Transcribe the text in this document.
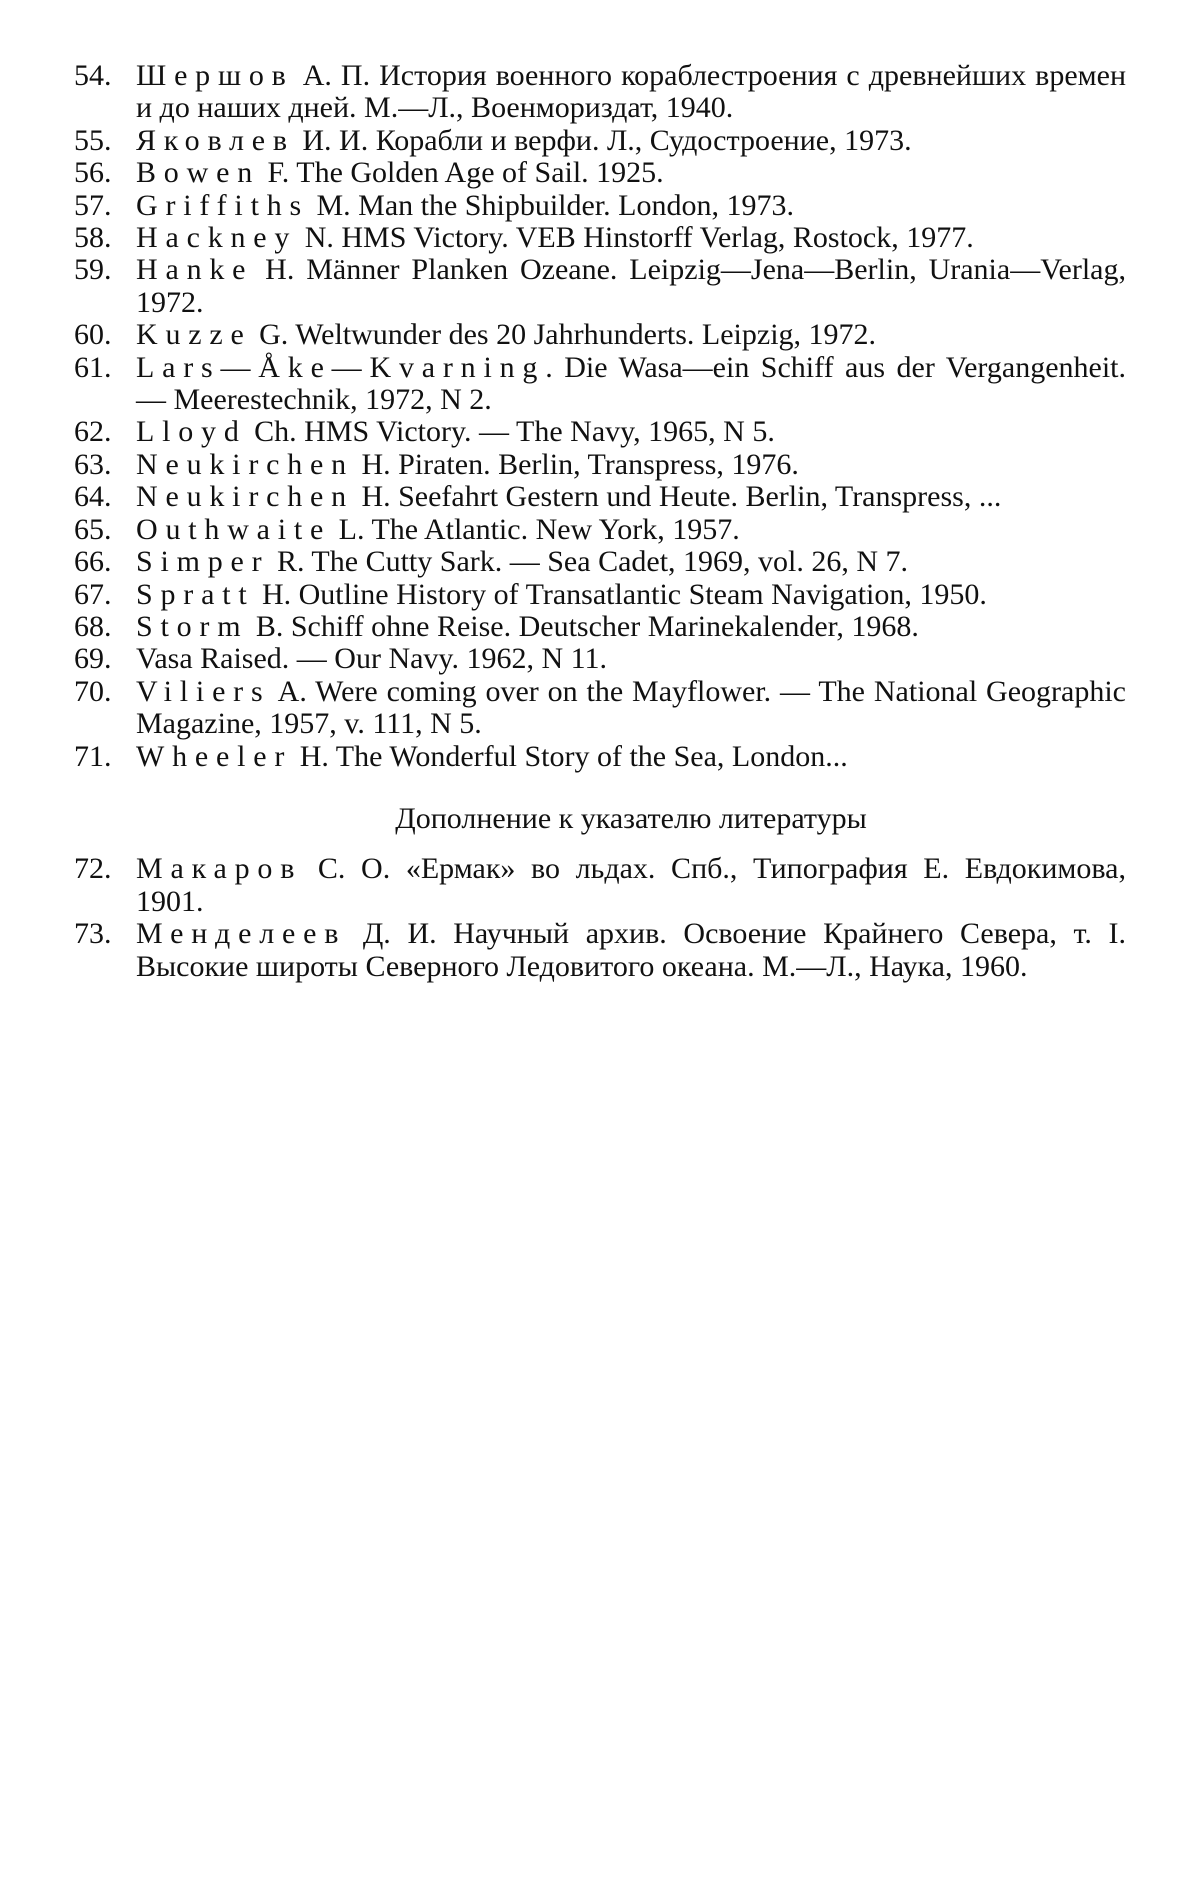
54. Шершов А. П. История военного кораблестроения с древнейших времен и до наших дней. М.—Л., Военмориздат, 1940.
55. Яковлев И. И. Корабли и верфи. Л., Судостроение, 1973.
56. Bowen F. The Golden Age of Sail. 1925.
57. Griffiths M. Man the Shipbuilder. London, 1973.
58. Hackney N. HMS Victory. VEB Hinstorff Verlag, Rostock, 1977.
59. Hanke H. Männer Planken Ozeane. Leipzig—Jena—Berlin, Urania—Verlag, 1972.
60. Kuzze G. Weltwunder des 20 Jahrhunderts. Leipzig, 1972.
61. Lars—Åke—Kvarning. Die Wasa—ein Schiff aus der Vergangenheit. — Meerestechnik, 1972, N 2.
62. Lloyd Ch. HMS Victory. — The Navy, 1965, N 5.
63. Neukirchen H. Piraten. Berlin, Transpress, 1976.
64. Neukirchen H. Seefahrt Gestern und Heute. Berlin, Transpress, ...
65. Outhwaite L. The Atlantic. New York, 1957.
66. Simper R. The Cutty Sark. — Sea Cadet, 1969, vol. 26, N 7.
67. Spratt H. Outline History of Transatlantic Steam Navigation, 1950.
68. Storm B. Schiff ohne Reise. Deutscher Marinekalender, 1968.
69. Vasa Raised. — Our Navy. 1962, N 11.
70. Viliers A. Were coming over on the Mayflower. — The National Geographic Magazine, 1957, v. 111, N 5.
71. Wheeler H. The Wonderful Story of the Sea, London...
Дополнение к указателю литературы
72. Макаров С. О. «Ермак» во льдах. Спб., Типография Е. Евдокимова, 1901.
73. Менделеев Д. И. Научный архив. Освоение Крайнего Севера, т. I. Высокие широты Северного Ледовитого океана. М.—Л., Наука, 1960.
